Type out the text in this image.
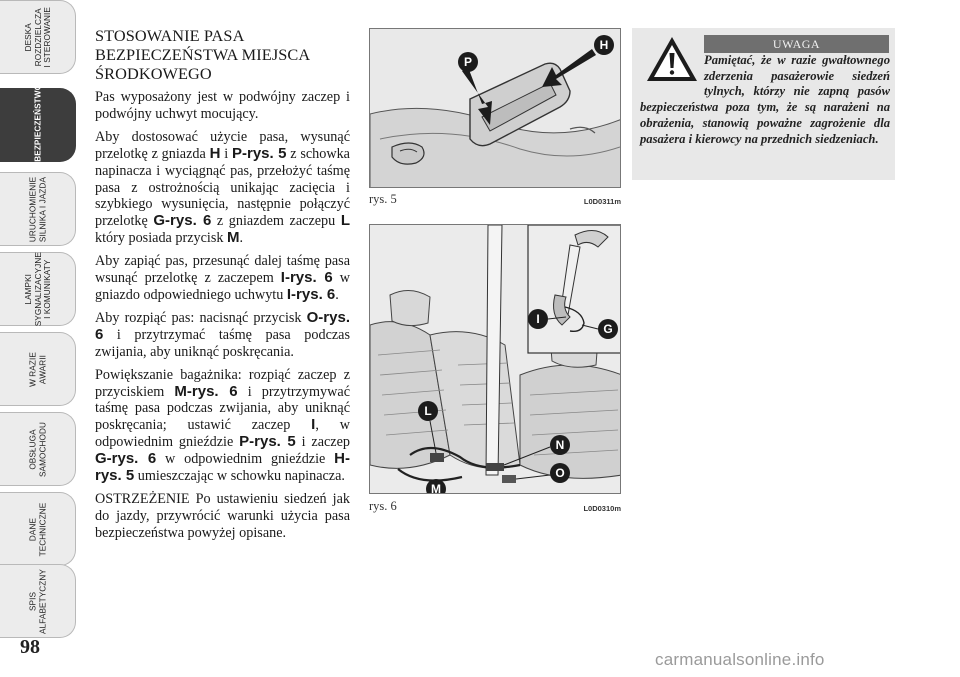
DESKA
ROZDZIELCZA
I STEROWANIE
BEZPIECZEŃSTWO
URUCHOMIENIE
SILNIKA I JAZDA
LAMPKI
SYGNALIZACYJNE
I KOMUNIKATY
W RAZIE
AWARII
OBSŁUGA
SAMOCHODU
DANE
TECHNICZNE
SPIS
ALFABETYCZNY
98
STOSOWANIE PASA BEZPIECZEŃSTWA MIEJSCA ŚRODKOWEGO

Pas wyposażony jest w podwójny zaczep i podwójny uchwyt mocujący.

Aby dostosować użycie pasa, wysunąć przelotkę z gniazda H i P-rys. 5 z schowka napinacza i wyciągnąć pas, przełożyć taśmę pasa z ostrożnością unikając zacięcia i szybkiego wysunięcia, następnie połączyć przelotkę G-rys. 6 z gniazdem zaczepu L który posiada przycisk M.

Aby zapiąć pas, przesunąć dalej taśmę pasa wsunąć przelotkę z zaczepem I-rys. 6 w gniazdo odpowiedniego uchwytu I-rys. 6.

Aby rozpiąć pas: nacisnąć przycisk O-rys. 6 i przytrzymać taśmę pasa podczas zwijania, aby uniknąć poskręcania.

Powiększanie bagażnika: rozpiąć zaczep z przyciskiem M-rys. 6 i przytrzymywać taśmę pasa podczas zwijania, aby uniknąć poskręcania; ustawić zaczep I, w odpowiednim gnieździe P-rys. 5 i zaczep G-rys. 6 w odpowiednim gnieździe H-rys. 5 umieszczając w schowku napinacza.

OSTRZEŻENIE Po ustawieniu siedzeń jak do jazdy, przywrócić warunki użycia pasa bezpieczeństwa powyżej opisane.

P
H
rys. 5	L0D0311m
I
G
L
N
O
M
rys. 6	L0D0310m
UWAGA
Pamiętać, że w razie gwałtownego zderzenia pasażerowie siedzeń tylnych, którzy nie zapną pasów bezpieczeństwa poza tym, że są narażeni na obrażenia, stanowią poważne zagrożenie dla pasażera i kierowcy na przednich siedzeniach.
carmanualsonline.info
